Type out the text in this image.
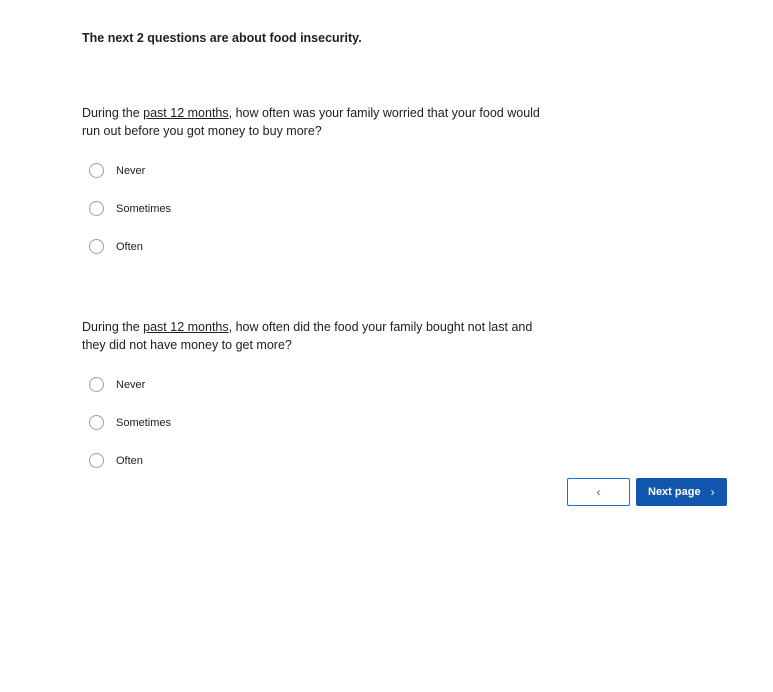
The next 2 questions are about food insecurity.
During the past 12 months, how often was your family worried that your food would run out before you got money to buy more?
Never
Sometimes
Often
During the past 12 months, how often did the food your family bought not last and they did not have money to get more?
Never
Sometimes
Often
‹	Next page ›
